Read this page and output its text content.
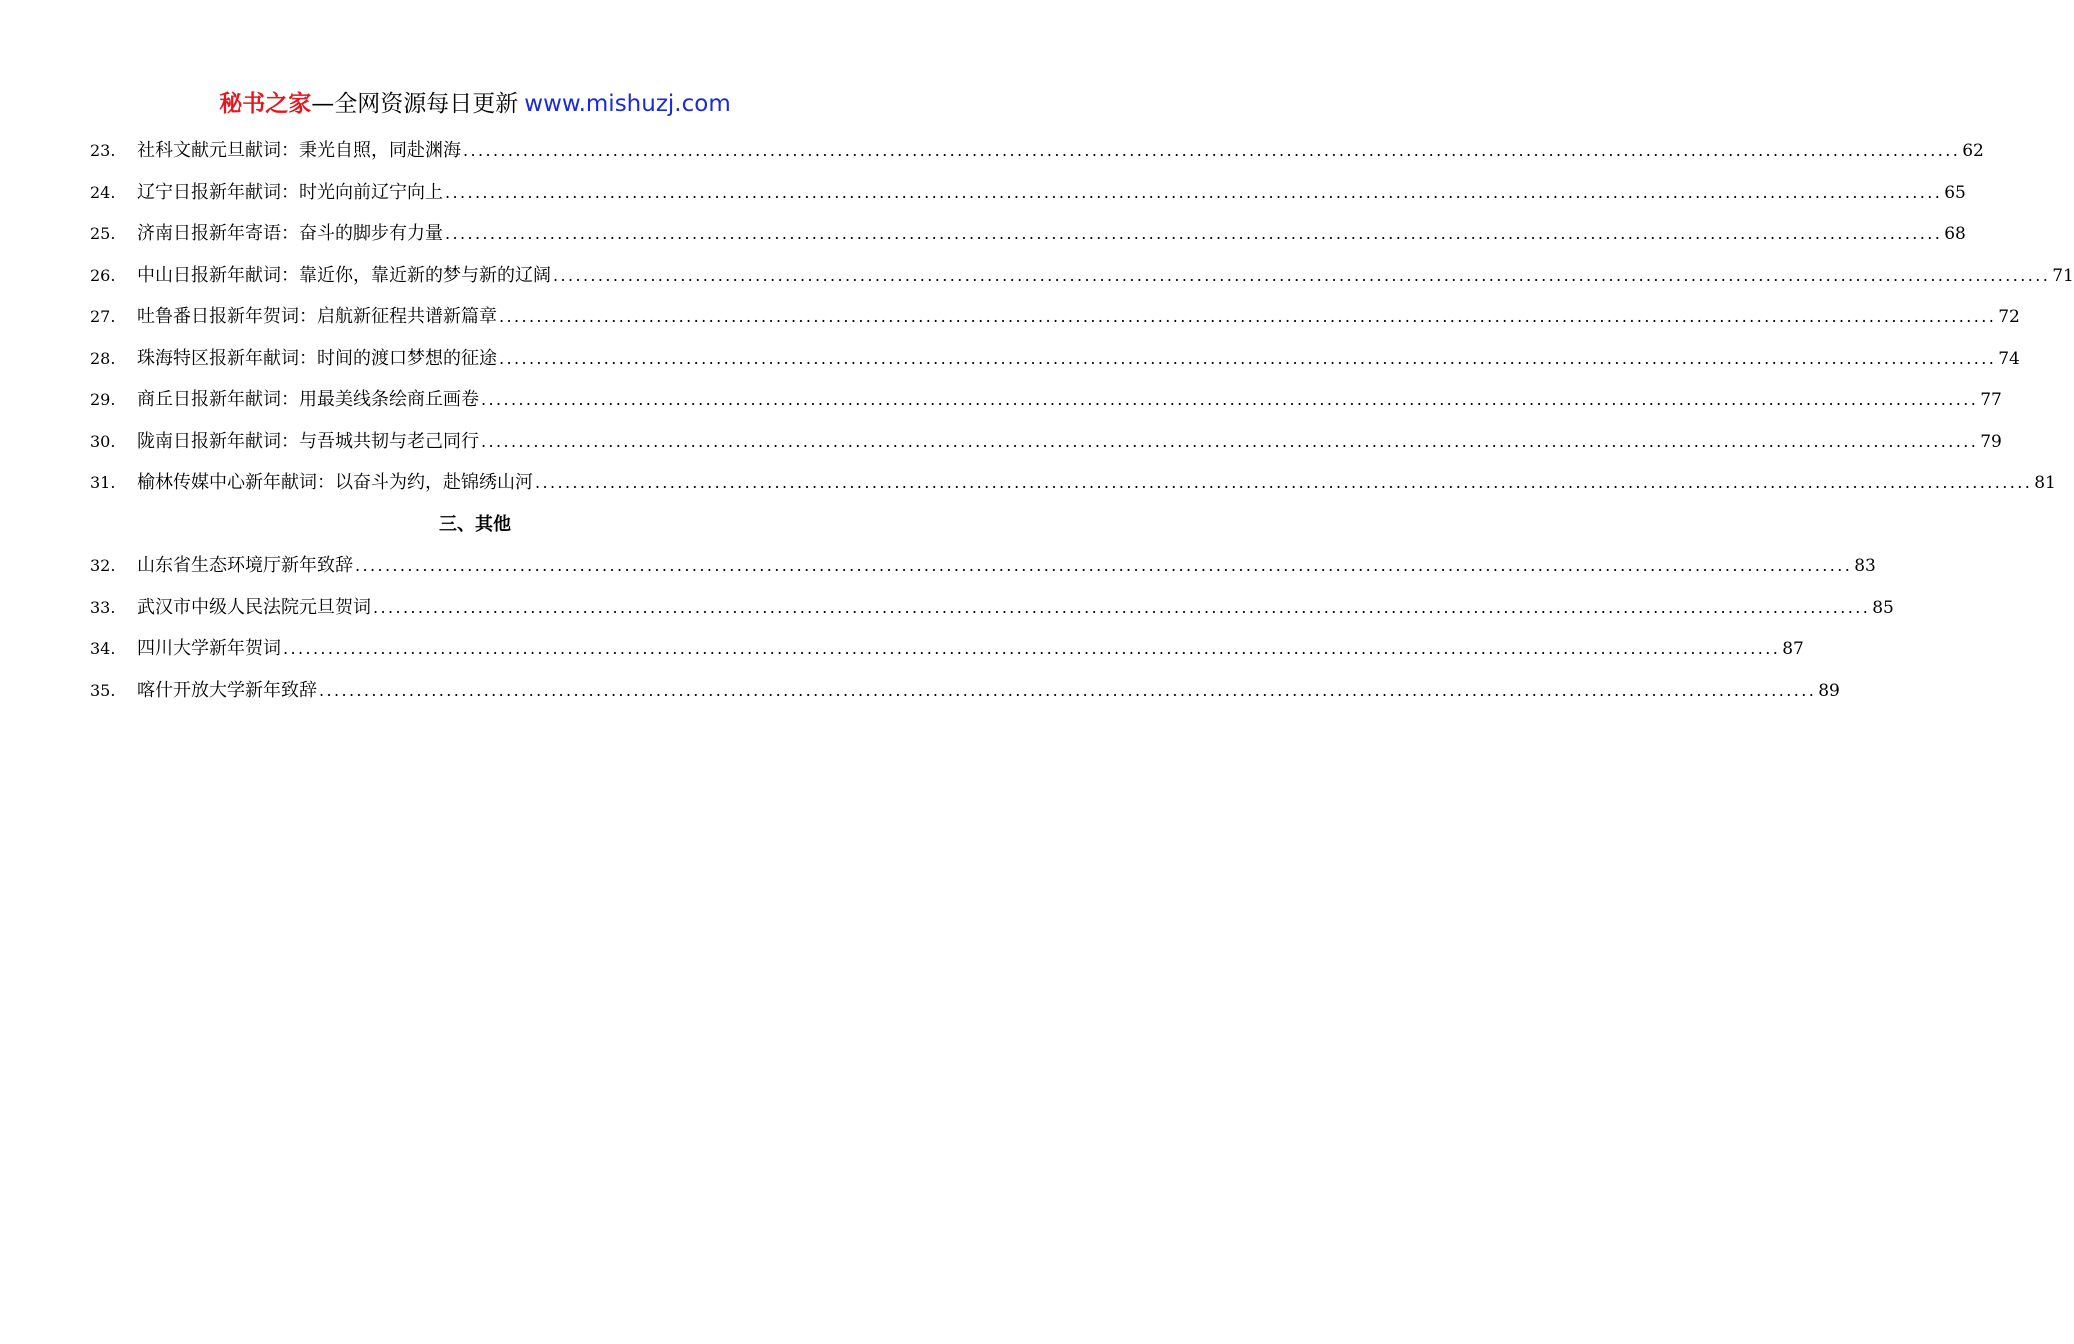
秘书之家—全网资源每日更新 www.mishuzj.com
23.	社科文献元旦献词：秉光自照，同赴渊海 ........................................................................................................................................................................................................ 62
24.	辽宁日报新年献词：时光向前辽宁向上 ........................................................................................................................................................................................................ 65
25.	济南日报新年寄语：奋斗的脚步有力量 ........................................................................................................................................................................................................ 68
26.	中山日报新年献词：靠近你，靠近新的梦与新的辽阔 ........................................................................................................................................................................................................ 71
27.	吐鲁番日报新年贺词：启航新征程共谱新篇章 ........................................................................................................................................................................................................ 72
28.	珠海特区报新年献词：时间的渡口梦想的征途 ........................................................................................................................................................................................................ 74
29.	商丘日报新年献词：用最美线条绘商丘画卷 ........................................................................................................................................................................................................ 77
30.	陇南日报新年献词：与吾城共韧与老己同行 ........................................................................................................................................................................................................ 79
31.	榆林传媒中心新年献词：以奋斗为约，赴锦绣山河 ........................................................................................................................................................................................................ 81
三、其他
32.	山东省生态环境厅新年致辞 ........................................................................................................................................................................................................ 83
33.	武汉市中级人民法院元旦贺词 ........................................................................................................................................................................................................ 85
34.	四川大学新年贺词 ........................................................................................................................................................................................................ 87
35.	喀什开放大学新年致辞 ........................................................................................................................................................................................................ 89
